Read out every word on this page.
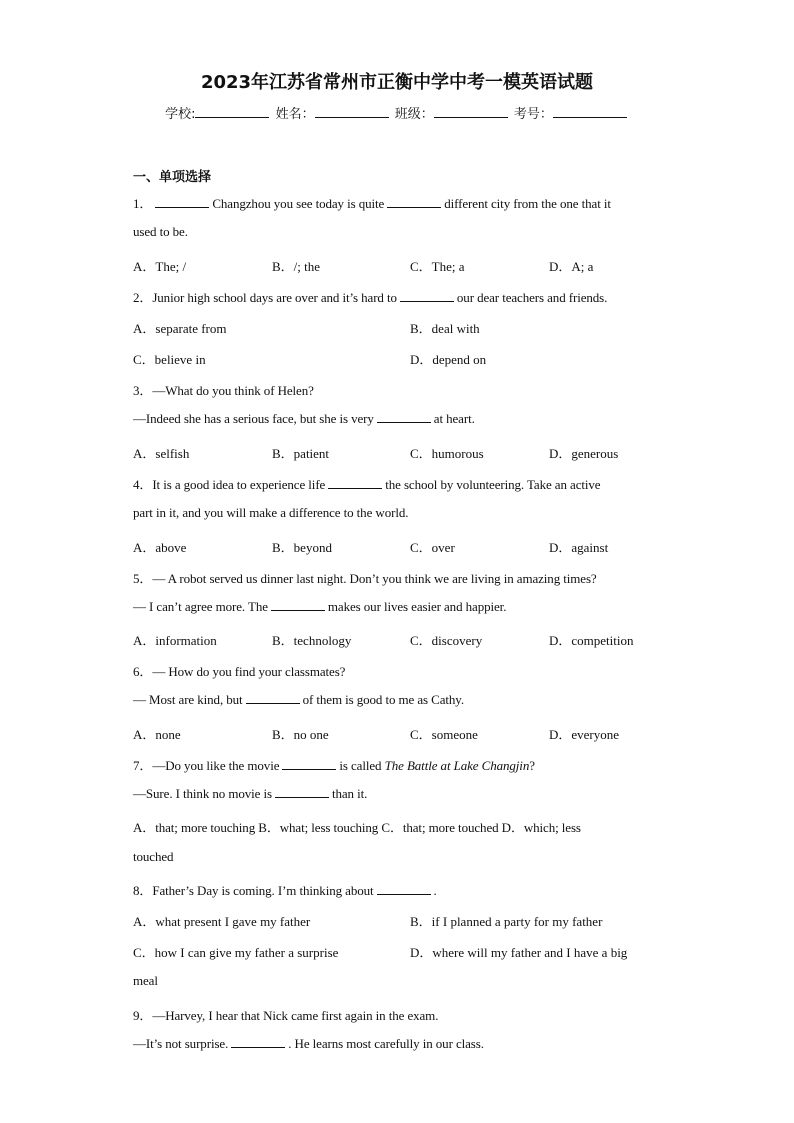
2023年江苏省常州市正衡中学中考一模英语试题
学校:	姓名：	班级：	考号：
一、单项选择
1．	Changzhou you see today is quite	different city from the one that it
used to be.
A．The; /	B．/; the	C．The; a	D．A; a
2．Junior high school days are over and it’s hard to	our dear teachers and friends.
A．separate from	B．deal with
C．believe in	D．depend on
3．—What do you think of Helen?
—Indeed she has a serious face, but she is very	at heart.
A．selfish	B．patient	C．humorous	D．generous
4．It is a good idea to experience life	the school by volunteering. Take an active
part in it, and you will make a difference to the world.
A．above	B．beyond	C．over	D．against
5．— A robot served us dinner last night. Don’t you think we are living in amazing times?
— I can’t agree more. The	makes our lives easier and happier.
A．information	B．technology	C．discovery	D．competition
6．— How do you find your classmates?
— Most are kind, but	of them is good to me as Cathy.
A．none	B．no one	C．someone	D．everyone
7．—Do you like the movie	is called The Battle at Lake Changjin?
—Sure. I think no movie is	than it.
A．that; more touching B．what; less touching C．that; more touched D．which; less
touched
8．Father’s Day is coming. I’m thinking about	.
A．what present I gave my father	B．if I planned a party for my father
C．how I can give my father a surprise	D．where will my father and I have a big
meal
9．—Harvey, I hear that Nick came first again in the exam.
—It’s not surprise.	. He learns most carefully in our class.
